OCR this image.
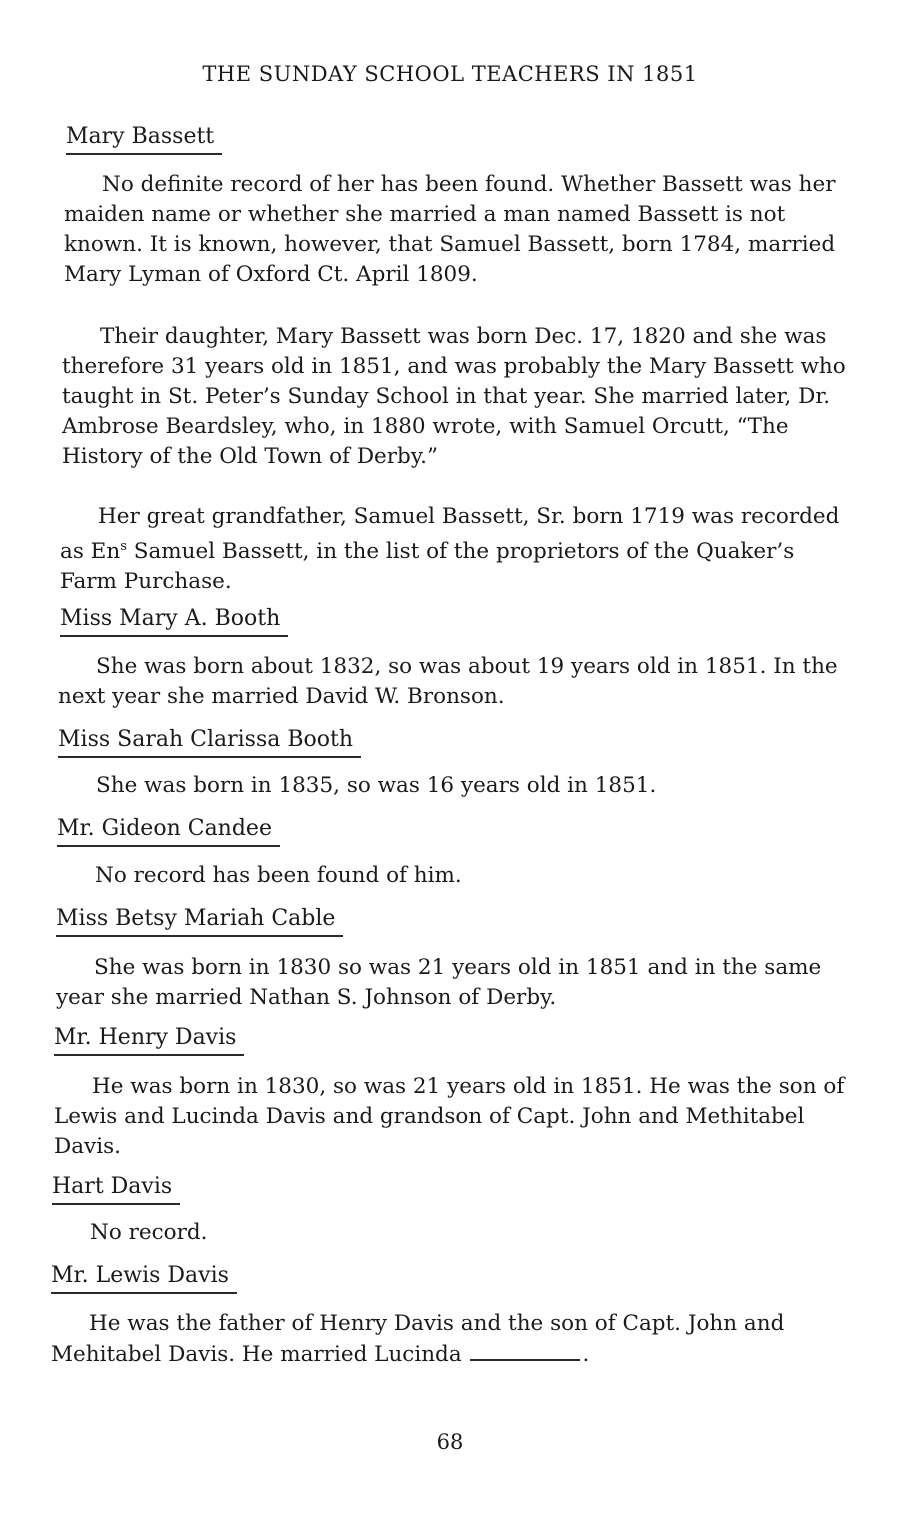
THE SUNDAY SCHOOL TEACHERS IN 1851
Mary Bassett

No definite record of her has been found. Whether Bassett was her maiden name or whether she married a man named Bassett is not known. It is known, however, that Samuel Bassett, born 1784, married Mary Lyman of Oxford Ct. April 1809.

Their daughter, Mary Bassett was born Dec. 17, 1820 and she was therefore 31 years old in 1851, and was probably the Mary Bassett who taught in St. Peter’s Sunday School in that year. She married later, Dr. Ambrose Beardsley, who, in 1880 wrote, with Samuel Orcutt, “The History of the Old Town of Derby.”

Her great grandfather, Samuel Bassett, Sr. born 1719 was recorded as En$^s$ Samuel Bassett, in the list of the proprietors of the Quaker’s Farm Purchase.

Miss Mary A. Booth

She was born about 1832, so was about 19 years old in 1851. In the next year she married David W. Bronson.

Miss Sarah Clarissa Booth

She was born in 1835, so was 16 years old in 1851.

Mr. Gideon Candee

No record has been found of him.

Miss Betsy Mariah Cable

She was born in 1830 so was 21 years old in 1851 and in the same year she married Nathan S. Johnson of Derby.

Mr. Henry Davis

He was born in 1830, so was 21 years old in 1851. He was the son of Lewis and Lucinda Davis and grandson of Capt. John and Methitabel Davis.

Hart Davis

No record.

Mr. Lewis Davis

He was the father of Henry Davis and the son of Capt. John and Mehitabel Davis. He married Lucinda	.

68
